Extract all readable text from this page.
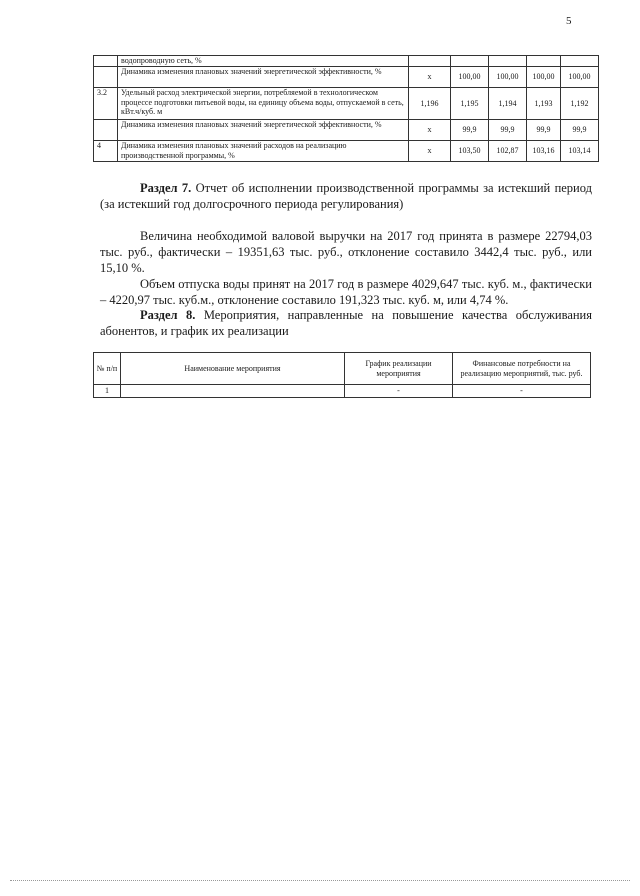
5
	водопроводную сеть, %					
	Динамика изменения плановых значений энергетической эффективности, %	х	100,00	100,00	100,00	100,00
3.2	Удельный расход электрической энергии, потребляемой в технологическом процессе подготовки питьевой воды, на единицу объема воды, отпускаемой в сеть, кВт.ч/куб. м	1,196	1,195	1,194	1,193	1,192
	Динамика изменения плановых значений энергетической эффективности, %	х	99,9	99,9	99,9	99,9
4	Динамика изменения плановых значений расходов на реализацию производственной программы, %	х	103,50	102,87	103,16	103,14

Раздел 7. Отчет об исполнении производственной программы за истекший период (за истекший год долгосрочного периода регулирования)

Величина необходимой валовой выручки на 2017 год принята в размере 22794,03 тыс. руб., фактически – 19351,63 тыс. руб., отклонение составило 3442,4 тыс. руб., или 15,10 %.

Объем отпуска воды принят на 2017 год в размере 4029,647 тыс. куб. м., фактически – 4220,97 тыс. куб.м., отклонение составило 191,323 тыс. куб. м, или 4,74 %.

Раздел 8. Мероприятия, направленные на повышение качества обслуживания абонентов, и график их реализации

№ п/п	Наименование мероприятия	График реализации мероприятия	Финансовые потребности на реализацию мероприятий, тыс. руб.
1		-	-
